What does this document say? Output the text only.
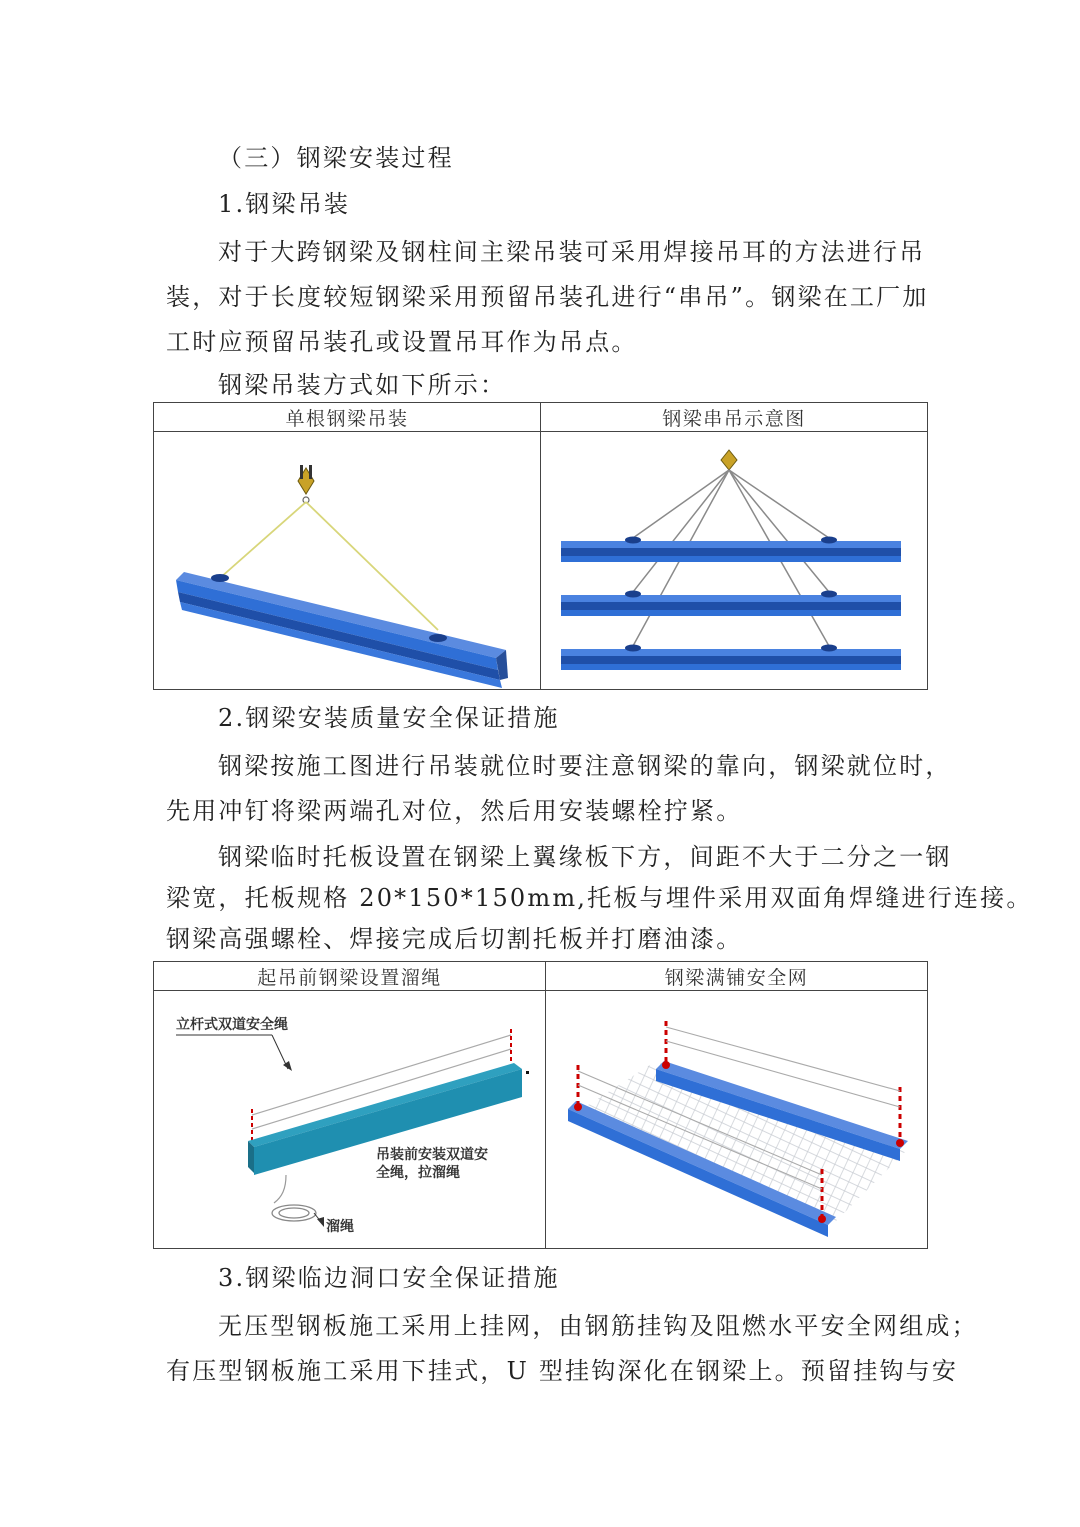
（三）钢梁安装过程
1.钢梁吊装
对于大跨钢梁及钢柱间主梁吊装可采用焊接吊耳的方法进行吊
装，对于长度较短钢梁采用预留吊装孔进行“串吊”。钢梁在工厂加
工时应预留吊装孔或设置吊耳作为吊点。
钢梁吊装方式如下所示：
单根钢梁吊装	钢梁串吊示意图

2.钢梁安装质量安全保证措施
钢梁按施工图进行吊装就位时要注意钢梁的靠向，钢梁就位时，
先用冲钉将梁两端孔对位，然后用安装螺栓拧紧。
钢梁临时托板设置在钢梁上翼缘板下方，间距不大于二分之一钢
梁宽，托板规格 20*150*150mm,托板与埋件采用双面角焊缝进行连接。
钢梁高强螺栓、焊接完成后切割托板并打磨油漆。
起吊前钢梁设置溜绳	钢梁满铺安全网

立杆式双道安全绳
吊装前安装双道安
全绳，拉溜绳
溜绳

3.钢梁临边洞口安全保证措施
无压型钢板施工采用上挂网，由钢筋挂钩及阻燃水平安全网组成；
有压型钢板施工采用下挂式，U 型挂钩深化在钢梁上。预留挂钩与安
